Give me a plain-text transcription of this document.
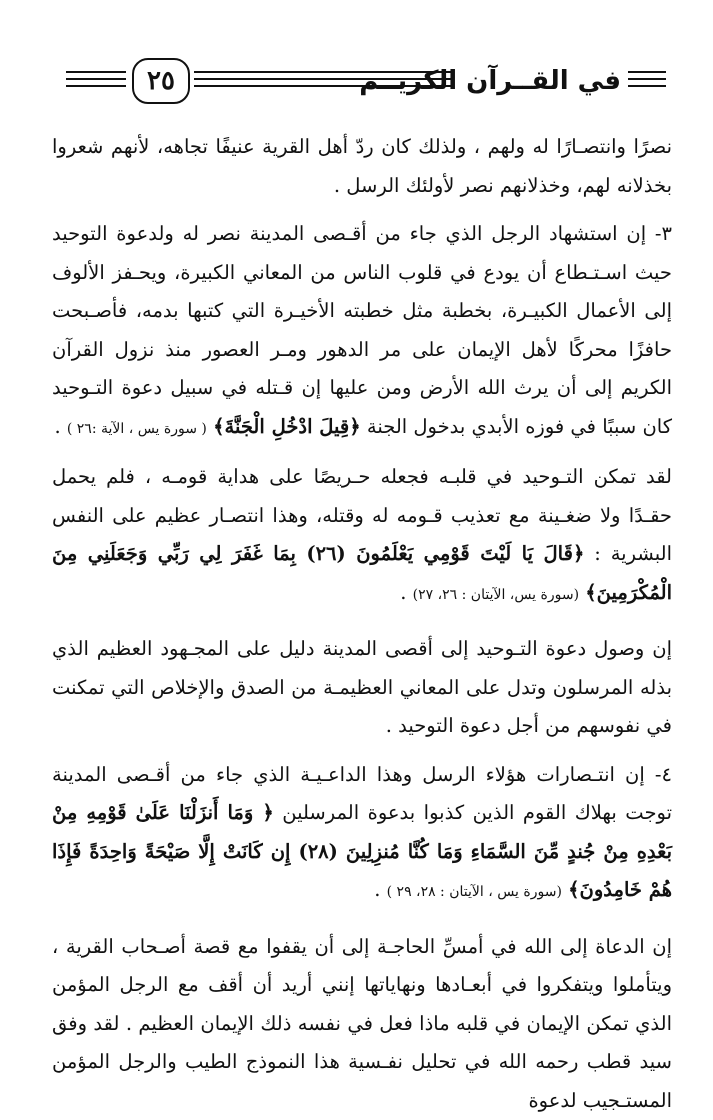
٢٥	في القــرآن الكريــم

نصرًا وانتصـارًا له ولهم ، ولذلك كان ردّ أهل القرية عنيفًا تجاهه، لأنهم شعروا بخذلانه لهم، وخذلانهم نصر لأولئك الرسل .

٣- إن استشهاد الرجل الذي جاء من أقـصى المدينة نصر له ولدعوة التوحيد حيث اسـتـطاع أن يودع في قلوب الناس من المعاني الكبيرة، ويحـفز الألوف إلى الأعمال الكبيـرة، بخطبة مثل خطبته الأخيـرة التي كتبها بدمه، فأصـبحت حافزًا محركًا لأهل الإيمان على مر الدهور ومـر العصور منذ نزول القرآن الكريم إلى أن يرث الله الأرض ومن عليها إن قـتله في سبيل دعوة التـوحيد كان سببًا في فوزه الأبدي بدخول الجنة ﴿قِيلَ ادْخُلِ الْجَنَّةَ﴾ ( سورة يس ، الآية :٢٦ ) .

لقد تمكن التـوحيد في قلبـه فجعله حـريصًا على هداية قومـه ، فلم يحمل حقـدًا ولا ضغـينة مع تعذيب قـومه له وقتله، وهذا انتصـار عظيم على النفس البشرية : ﴿قَالَ يَا لَيْتَ قَوْمِي يَعْلَمُونَ (٢٦) بِمَا غَفَرَ لِي رَبِّي وَجَعَلَنِي مِنَ الْمُكْرَمِينَ﴾ (سورة يس، الآيتان : ٢٦، ٢٧) .

إن وصول دعوة التـوحيد إلى أقصى المدينة دليل على المجـهود العظيم الذي بذله المرسلون وتدل على المعاني العظيمـة من الصدق والإخلاص التي تمكنت في نفوسهم من أجل دعوة التوحيد .

٤- إن انتـصارات هؤلاء الرسل وهذا الداعـيـة الذي جاء من أقـصى المدينة توجت بهلاك القوم الذين كذبوا بدعوة المرسلين ﴿ وَمَا أَنزَلْنَا عَلَىٰ قَوْمِهِ مِنْ بَعْدِهِ مِنْ جُندٍ مِّنَ السَّمَاءِ وَمَا كُنَّا مُنزِلِينَ (٢٨) إِن كَانَتْ إِلَّا صَيْحَةً وَاحِدَةً فَإِذَا هُمْ خَامِدُونَ﴾ (سورة يس ، الآيتان : ٢٨، ٢٩ ) .

إن الدعاة إلى الله في أمسِّ الحاجـة إلى أن يقفوا مع قصة أصـحاب القرية ، ويتأملوا ويتفكروا في أبعـادها ونهاياتها إنني أريد أن أقف مع الرجل المؤمن الذي تمكن الإيمان في قلبه ماذا فعل في نفسه ذلك الإيمان العظيم . لقد وفق سيد قطب رحمه الله في تحليل نفـسية هذا النموذج الطيب والرجل المؤمن المستـجيب لدعوة
